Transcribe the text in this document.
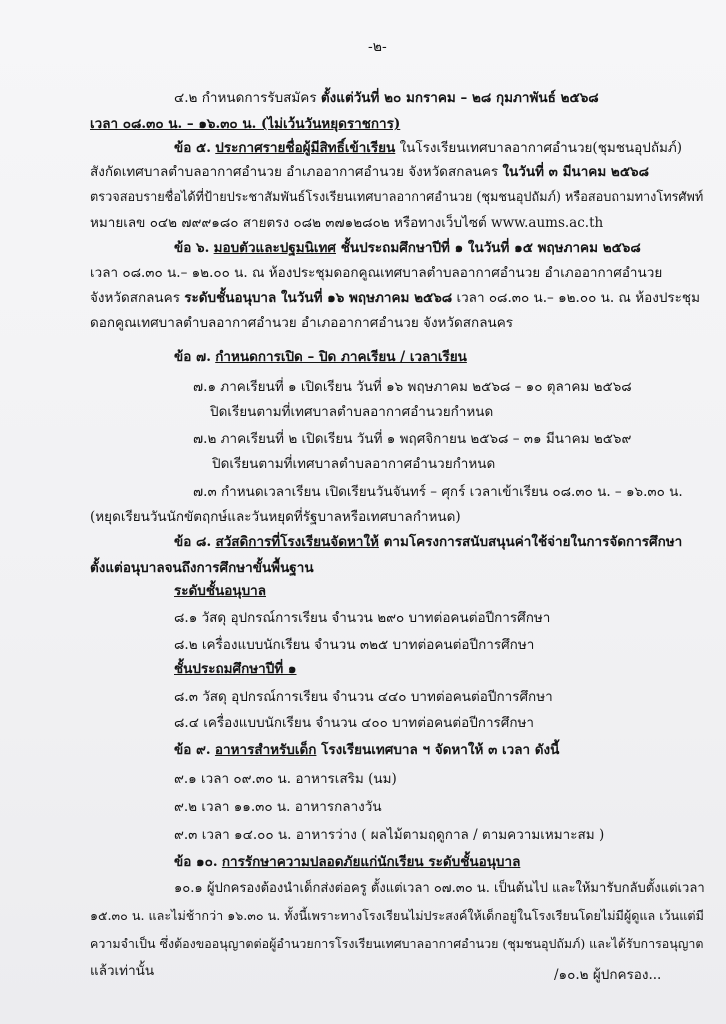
-๒-
๔.๒ กำหนดการรับสมัคร ตั้งแต่วันที่ ๒๐ มกราคม – ๒๘ กุมภาพันธ์ ๒๕๖๘
เวลา ๐๘.๓๐ น. – ๑๖.๓๐ น. (ไม่เว้นวันหยุดราชการ)
ข้อ ๕. ประกาศรายชื่อผู้มีสิทธิ์เข้าเรียน ในโรงเรียนเทศบาลอากาศอำนวย(ชุมชนอุปถัมภ์)
สังกัดเทศบาลตำบลอากาศอำนวย อำเภออากาศอำนวย จังหวัดสกลนคร ในวันที่ ๓ มีนาคม ๒๕๖๘
ตรวจสอบรายชื่อได้ที่ป้ายประชาสัมพันธ์โรงเรียนเทศบาลอากาศอำนวย (ชุมชนอุปถัมภ์) หรือสอบถามทางโทรศัพท์
หมายเลข ๐๔๒ ๗๙๙๑๘๐ สายตรง ๐๘๒ ๓๗๑๒๘๐๒ หรือทางเว็บไซต์ www.aums.ac.th
ข้อ ๖. มอบตัวและปฐมนิเทศ ชั้นประถมศึกษาปีที่ ๑ ในวันที่ ๑๕ พฤษภาคม ๒๕๖๘
เวลา ๐๘.๓๐ น.– ๑๒.๐๐ น. ณ ห้องประชุมดอกคูณเทศบาลตำบลอากาศอำนวย อำเภออากาศอำนวย
จังหวัดสกลนคร ระดับชั้นอนุบาล ในวันที่ ๑๖ พฤษภาคม ๒๕๖๘ เวลา ๐๘.๓๐ น.– ๑๒.๐๐ น. ณ ห้องประชุม
ดอกคูณเทศบาลตำบลอากาศอำนวย อำเภออากาศอำนวย จังหวัดสกลนคร
ข้อ ๗. กำหนดการเปิด – ปิด ภาคเรียน / เวลาเรียน
๗.๑ ภาคเรียนที่ ๑ เปิดเรียน วันที่ ๑๖ พฤษภาคม ๒๕๖๘ – ๑๐ ตุลาคม ๒๕๖๘
ปิดเรียนตามที่เทศบาลตำบลอากาศอำนวยกำหนด
๗.๒ ภาคเรียนที่ ๒ เปิดเรียน วันที่ ๑ พฤศจิกายน ๒๕๖๘ – ๓๑ มีนาคม ๒๕๖๙
ปิดเรียนตามที่เทศบาลตำบลอากาศอำนวยกำหนด
๗.๓ กำหนดเวลาเรียน เปิดเรียนวันจันทร์ – ศุกร์ เวลาเข้าเรียน ๐๘.๓๐ น. – ๑๖.๓๐ น.
(หยุดเรียนวันนักขัตฤกษ์และวันหยุดที่รัฐบาลหรือเทศบาลกำหนด)
ข้อ ๘. สวัสดิการที่โรงเรียนจัดหาให้ ตามโครงการสนับสนุนค่าใช้จ่ายในการจัดการศึกษา
ตั้งแต่อนุบาลจนถึงการศึกษาขั้นพื้นฐาน
ระดับชั้นอนุบาล
๘.๑ วัสดุ อุปกรณ์การเรียน จำนวน ๒๙๐ บาทต่อคนต่อปีการศึกษา
๘.๒ เครื่องแบบนักเรียน จำนวน ๓๒๕ บาทต่อคนต่อปีการศึกษา
ชั้นประถมศึกษาปีที่ ๑
๘.๓ วัสดุ อุปกรณ์การเรียน จำนวน ๔๔๐ บาทต่อคนต่อปีการศึกษา
๘.๔ เครื่องแบบนักเรียน จำนวน ๔๐๐ บาทต่อคนต่อปีการศึกษา
ข้อ ๙. อาหารสำหรับเด็ก โรงเรียนเทศบาล ฯ จัดหาให้ ๓ เวลา ดังนี้
๙.๑ เวลา ๐๙.๓๐ น. อาหารเสริม (นม)
๙.๒ เวลา ๑๑.๓๐ น. อาหารกลางวัน
๙.๓ เวลา ๑๔.๐๐ น. อาหารว่าง ( ผลไม้ตามฤดูกาล / ตามความเหมาะสม )
ข้อ ๑๐. การรักษาความปลอดภัยแก่นักเรียน ระดับชั้นอนุบาล
๑๐.๑ ผู้ปกครองต้องนำเด็กส่งต่อครู ตั้งแต่เวลา ๐๗.๓๐ น. เป็นต้นไป และให้มารับกลับตั้งแต่เวลา
๑๕.๓๐ น. และไม่ช้ากว่า ๑๖.๓๐ น. ทั้งนี้เพราะทางโรงเรียนไม่ประสงค์ให้เด็กอยู่ในโรงเรียนโดยไม่มีผู้ดูแล เว้นแต่มี
ความจำเป็น ซึ่งต้องขออนุญาตต่อผู้อำนวยการโรงเรียนเทศบาลอากาศอำนวย (ชุมชนอุปถัมภ์) และได้รับการอนุญาต
แล้วเท่านั้น	/๑๐.๒ ผู้ปกครอง...
